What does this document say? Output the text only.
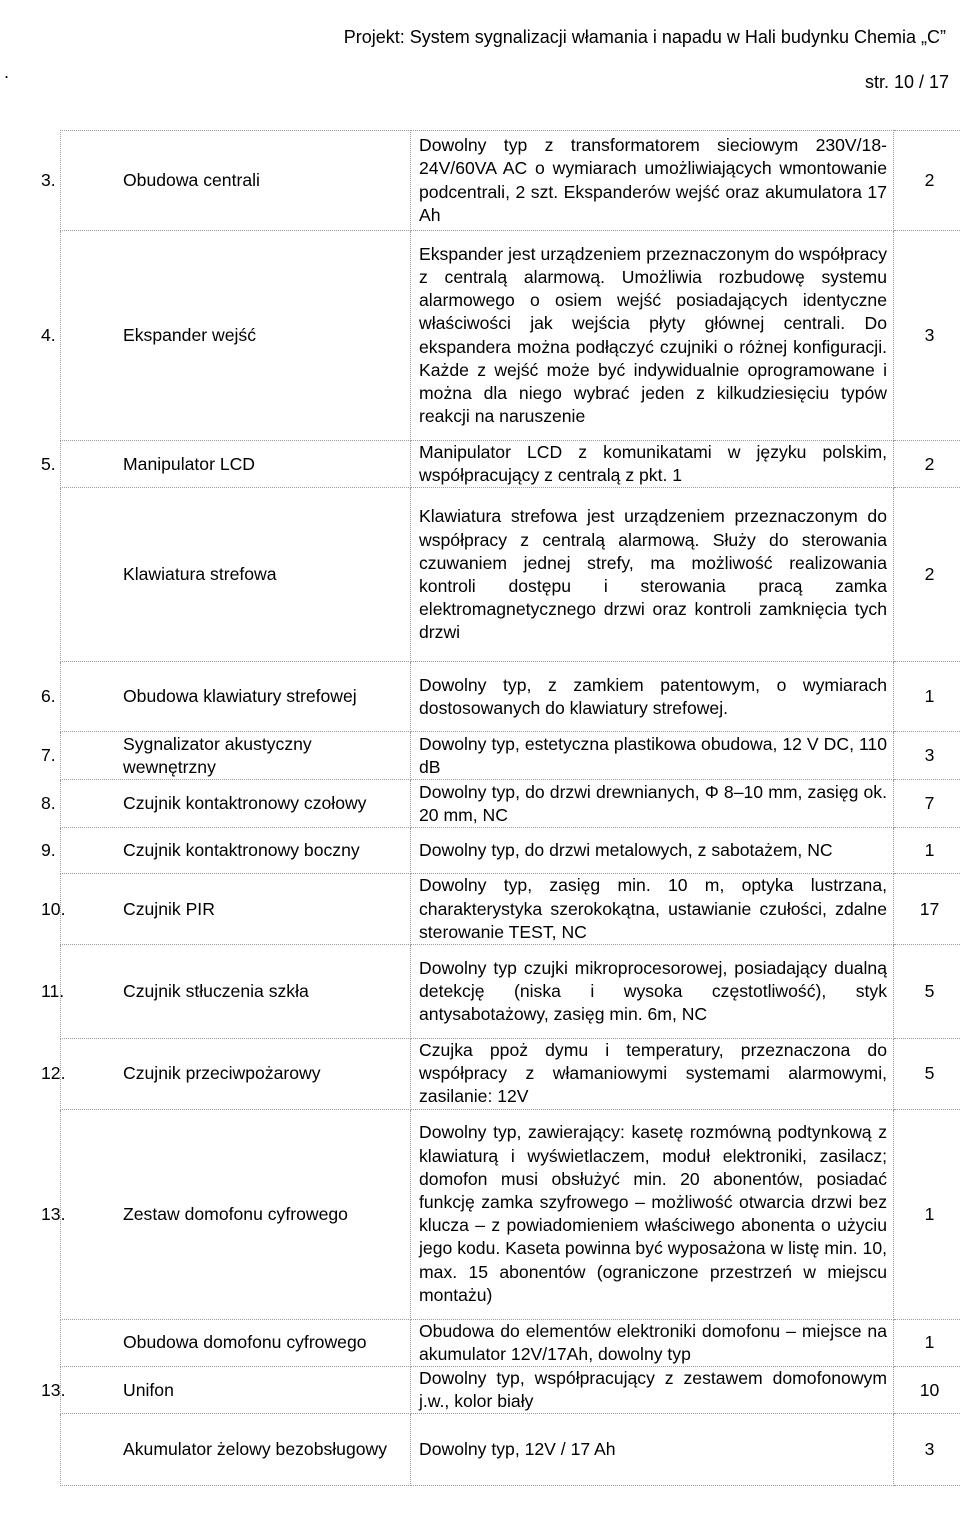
.
Projekt: System sygnalizacji włamania i napadu w Hali budynku Chemia „C”
str. 10 / 17
3. Obudowa centrali	Dowolny typ z transformatorem sieciowym 230V/18-24V/60VA AC o wymiarach umożliwiających wmontowanie podcentrali, 2 szt. Ekspanderów wejść oraz akumulatora 17 Ah	2

4. Ekspander wejść	Ekspander jest urządzeniem przeznaczonym do współpracy z centralą alarmową. Umożliwia rozbudowę systemu alarmowego o osiem wejść posiadających identyczne właściwości jak wejścia płyty głównej centrali. Do ekspandera można podłączyć czujniki o różnej konfiguracji. Każde z wejść może być indywidualnie oprogramowane i można dla niego wybrać jeden z kilkudziesięciu typów reakcji na naruszenie	3

5. Manipulator LCD	Manipulator LCD z komunikatami w języku polskim, współpracujący z centralą z pkt. 1	2

Klawiatura strefowa	Klawiatura strefowa jest urządzeniem przeznaczonym do współpracy z centralą alarmową. Służy do sterowania czuwaniem jednej strefy, ma możliwość realizowania kontroli dostępu i sterowania pracą zamka elektromagnetycznego drzwi oraz kontroli zamknięcia tych drzwi	2

6. Obudowa klawiatury strefowej	Dowolny typ, z zamkiem patentowym, o wymiarach dostosowanych do klawiatury strefowej.	1

7.
Sygnalizator akustyczny wewnętrzny	Dowolny typ, estetyczna plastikowa obudowa, 12 V DC, 110 dB	3

8. Czujnik kontaktronowy czołowy	Dowolny typ, do drzwi drewnianych, Φ 8–10 mm, zasięg ok. 20 mm, NC	7

9. Czujnik kontaktronowy boczny	Dowolny typ, do drzwi metalowych, z sabotażem, NC	1

10. Czujnik PIR	Dowolny typ, zasięg min. 10 m, optyka lustrzana, charakterystyka szerokokątna, ustawianie czułości, zdalne sterowanie TEST, NC	17

11. Czujnik stłuczenia szkła	Dowolny typ czujki mikroprocesorowej, posiadający dualną detekcję (niska i wysoka częstotliwość), styk antysabotażowy, zasięg min. 6m, NC	5

12. Czujnik przeciwpożarowy	Czujka ppoż dymu i temperatury, przeznaczona do współpracy z włamaniowymi systemami alarmowymi, zasilanie: 12V	5

13. Zestaw domofonu cyfrowego	Dowolny typ, zawierający: kasetę rozmówną podtynkową z klawiaturą i wyświetlaczem, moduł elektroniki, zasilacz; domofon musi obsłużyć min. 20 abonentów, posiadać funkcję zamka szyfrowego – możliwość otwarcia drzwi bez klucza – z powiadomieniem właściwego abonenta o użyciu jego kodu. Kaseta powinna być wyposażona w listę min. 10, max. 15 abonentów (ograniczone przestrzeń w miejscu montażu)	1

Obudowa domofonu cyfrowego	Obudowa do elementów elektroniki domofonu – miejsce na akumulator 12V/17Ah, dowolny typ	1

13. Unifon	Dowolny typ, współpracujący z zestawem domofonowym j.w., kolor biały	10

Akumulator żelowy bezobsługowy	Dowolny typ, 12V / 17 Ah	3
